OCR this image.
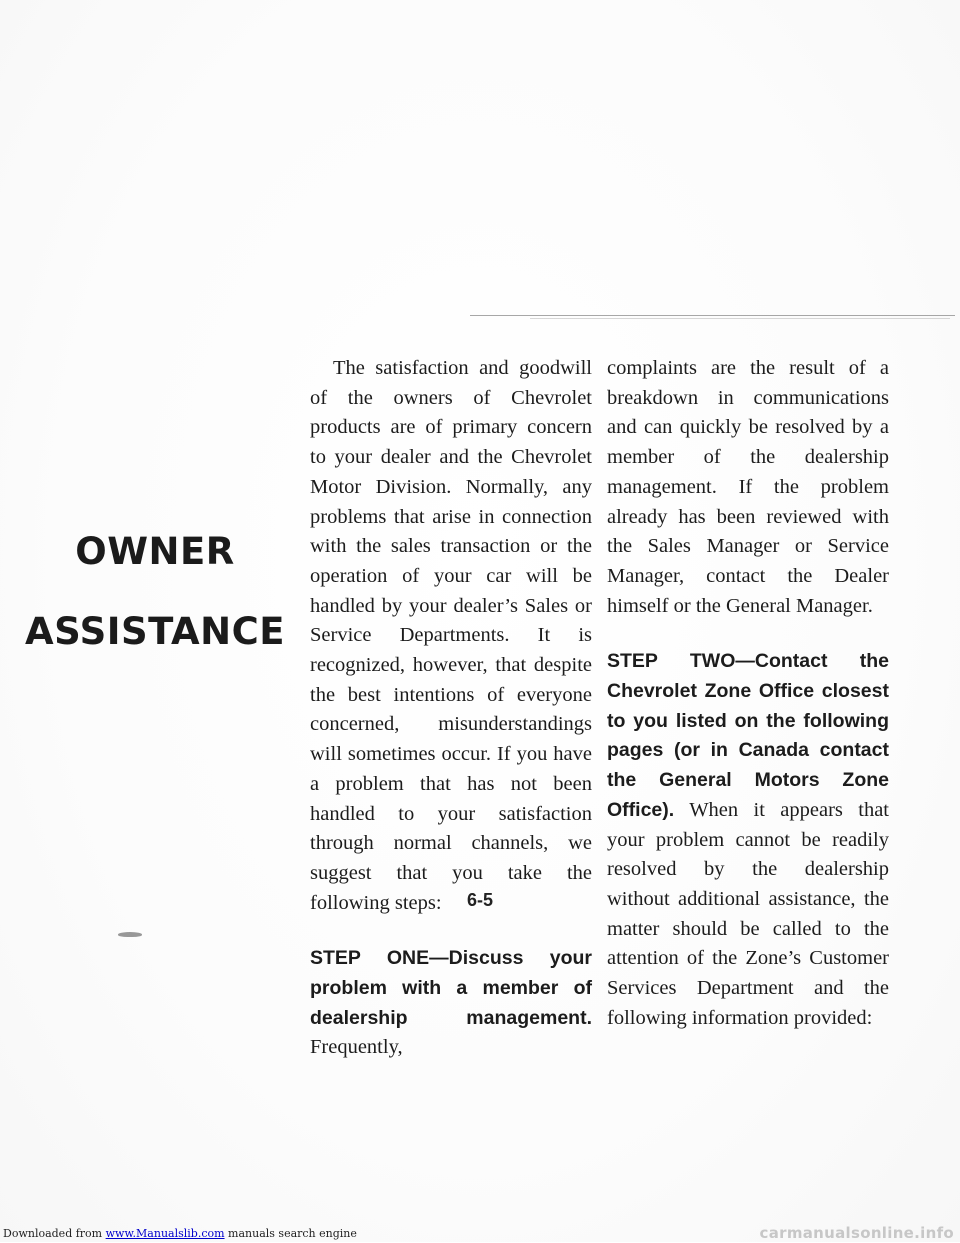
OWNER
ASSISTANCE

The satisfaction and goodwill of the owners of Chevrolet products are of primary concern to your dealer and the Chevrolet Motor Division. Normally, any problems that arise in connection with the sales transaction or the operation of your car will be handled by your dealer’s Sales or Service Departments. It is recognized, however, that despite the best intentions of everyone concerned, misunderstandings will sometimes occur. If you have a problem that has not been handled to your satisfaction through normal channels, we suggest that you take the following steps:

STEP ONE—Discuss your problem with a member of dealership management. Frequently,

complaints are the result of a breakdown in communications and can quickly be resolved by a member of the dealership management. If the problem already has been reviewed with the Sales Manager or Service Manager, contact the Dealer himself or the General Manager.

STEP TWO—Contact the Chevrolet Zone Office closest to you listed on the following pages (or in Canada contact the General Motors Zone Office). When it appears that your problem cannot be readily resolved by the dealership without additional assistance, the matter should be called to the attention of the Zone’s Customer Services Department and the following information provided:

6-5

Downloaded from www.Manualslib.com manuals search engine	carmanualsonline.info
